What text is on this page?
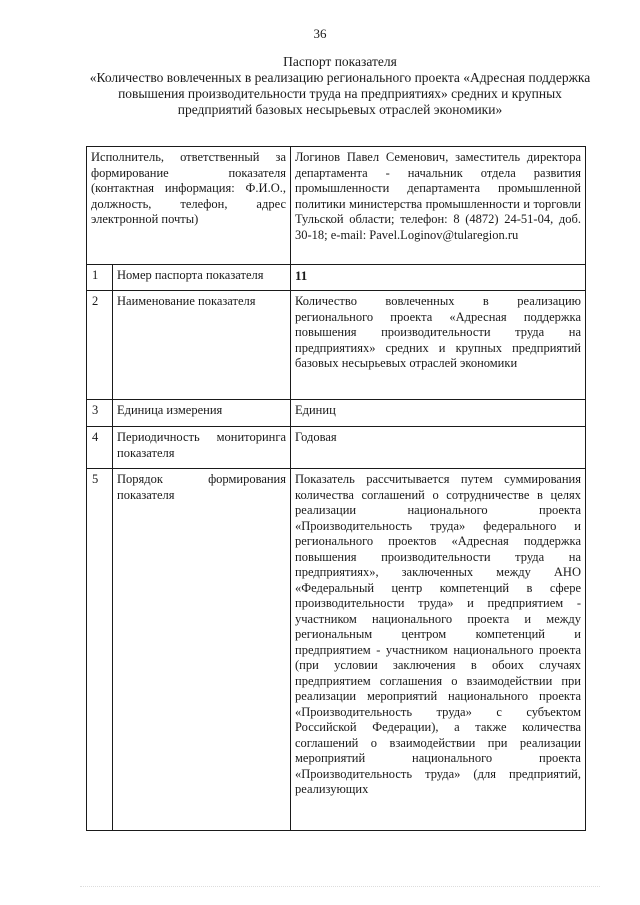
36
Паспорт показателя
«Количество вовлеченных в реализацию регионального проекта «Адресная поддержка повышения производительности труда на предприятиях» средних и крупных предприятий базовых несырьевых отраслей экономики»
Исполнитель, ответственный за формирование показателя (контактная информация: Ф.И.О., должность, телефон, адрес электронной почты)		Логинов Павел Семенович, заместитель директора департамента - начальник отдела развития промышленности департамента промышленной политики министерства промышленности и торговли Тульской области; телефон: 8 (4872) 24-51-04, доб. 30-18; e-mail: Pavel.Loginov@tularegion.ru
1	Номер паспорта показателя	11
2	Наименование показателя	Количество вовлеченных в реализацию регионального проекта «Адресная поддержка повышения производительности труда на предприятиях» средних и крупных предприятий базовых несырьевых отраслей экономики
3	Единица измерения	Единиц
4	Периодичность мониторинга показателя	Годовая
5	Порядок формирования показателя	Показатель рассчитывается путем суммирования количества соглашений о сотрудничестве в целях реализации национального проекта «Производительность труда» федерального и регионального проектов «Адресная поддержка повышения производительности труда на предприятиях», заключенных между АНО «Федеральный центр компетенций в сфере производительности труда» и предприятием - участником национального проекта и между региональным центром компетенций и предприятием - участником национального проекта (при условии заключения в обоих случаях предприятием соглашения о взаимодействии при реализации мероприятий национального проекта «Производительность труда» с субъектом Российской Федерации), а также количества соглашений о взаимодействии при реализации мероприятий национального проекта «Производительность труда» (для предприятий, реализующих
